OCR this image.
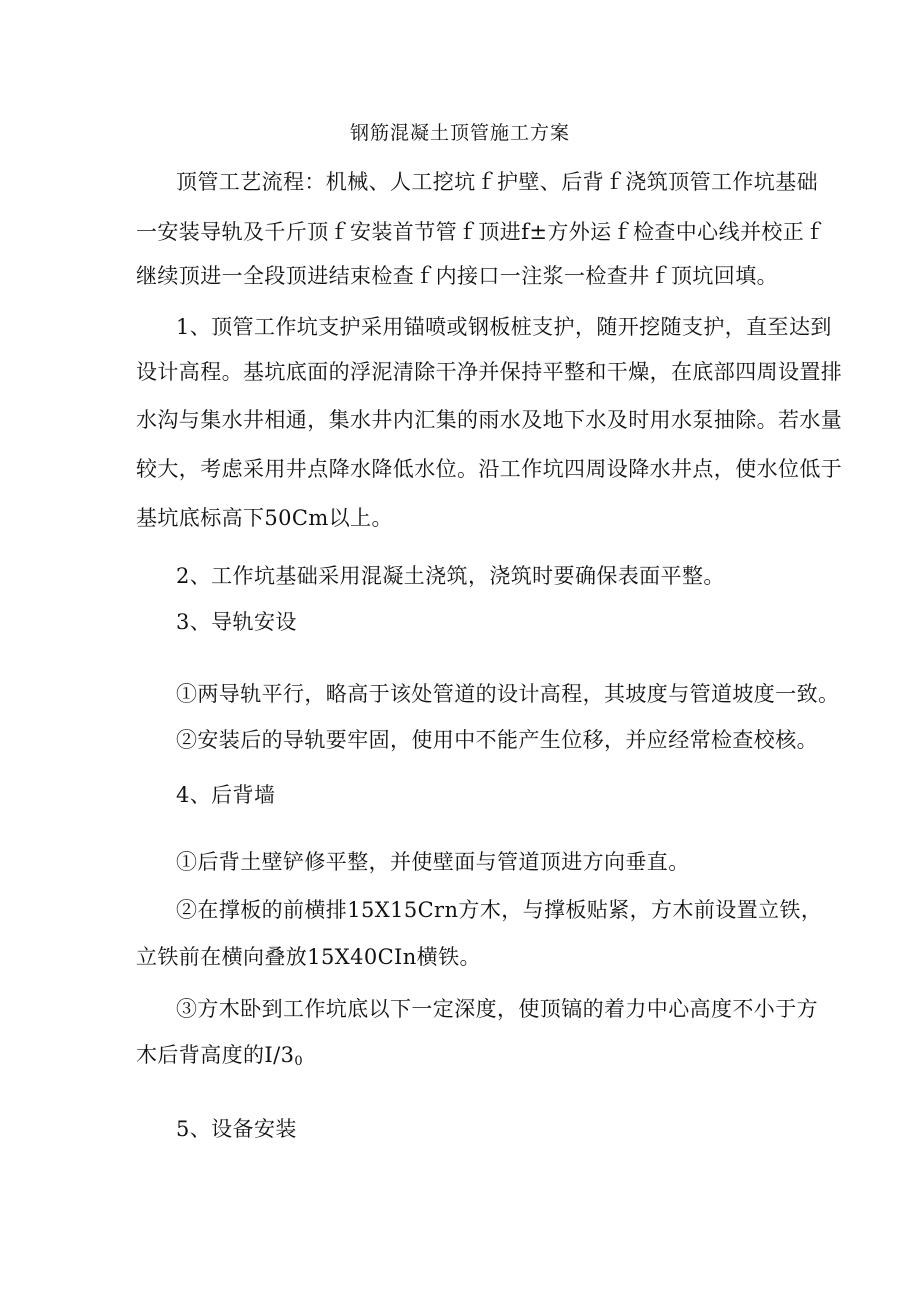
钢筋混凝土顶管施工方案
顶管工艺流程：机械、人工挖坑ｆ护壁、后背ｆ浇筑顶管工作坑基础
一安装导轨及千斤顶ｆ安装首节管ｆ顶进f±方外运ｆ检查中心线并校正ｆ
继续顶进一全段顶进结束检查ｆ内接口一注浆一检查井ｆ顶坑回填。
1、顶管工作坑支护采用锚喷或钢板桩支护，随开挖随支护，直至达到
设计高程。基坑底面的浮泥清除干净并保持平整和干燥，在底部四周设置排
水沟与集水井相通，集水井内汇集的雨水及地下水及时用水泵抽除。若水量
较大，考虑采用井点降水降低水位。沿工作坑四周设降水井点，使水位低于
基坑底标高下50Cm以上。
2、工作坑基础采用混凝土浇筑，浇筑时要确保表面平整。
3、导轨安设
①两导轨平行，略高于该处管道的设计高程，其坡度与管道坡度一致。
②安装后的导轨要牢固，使用中不能产生位移，并应经常检查校核。
4、后背墙
①后背土壁铲修平整，并使壁面与管道顶进方向垂直。
②在撑板的前横排15X15Crn方木，与撑板贴紧，方木前设置立铁，
立铁前在横向叠放15X40CIn横铁。
③方木卧到工作坑底以下一定深度，使顶镐的着力中心高度不小于方
木后背高度的$I/3_0$
5、设备安装
